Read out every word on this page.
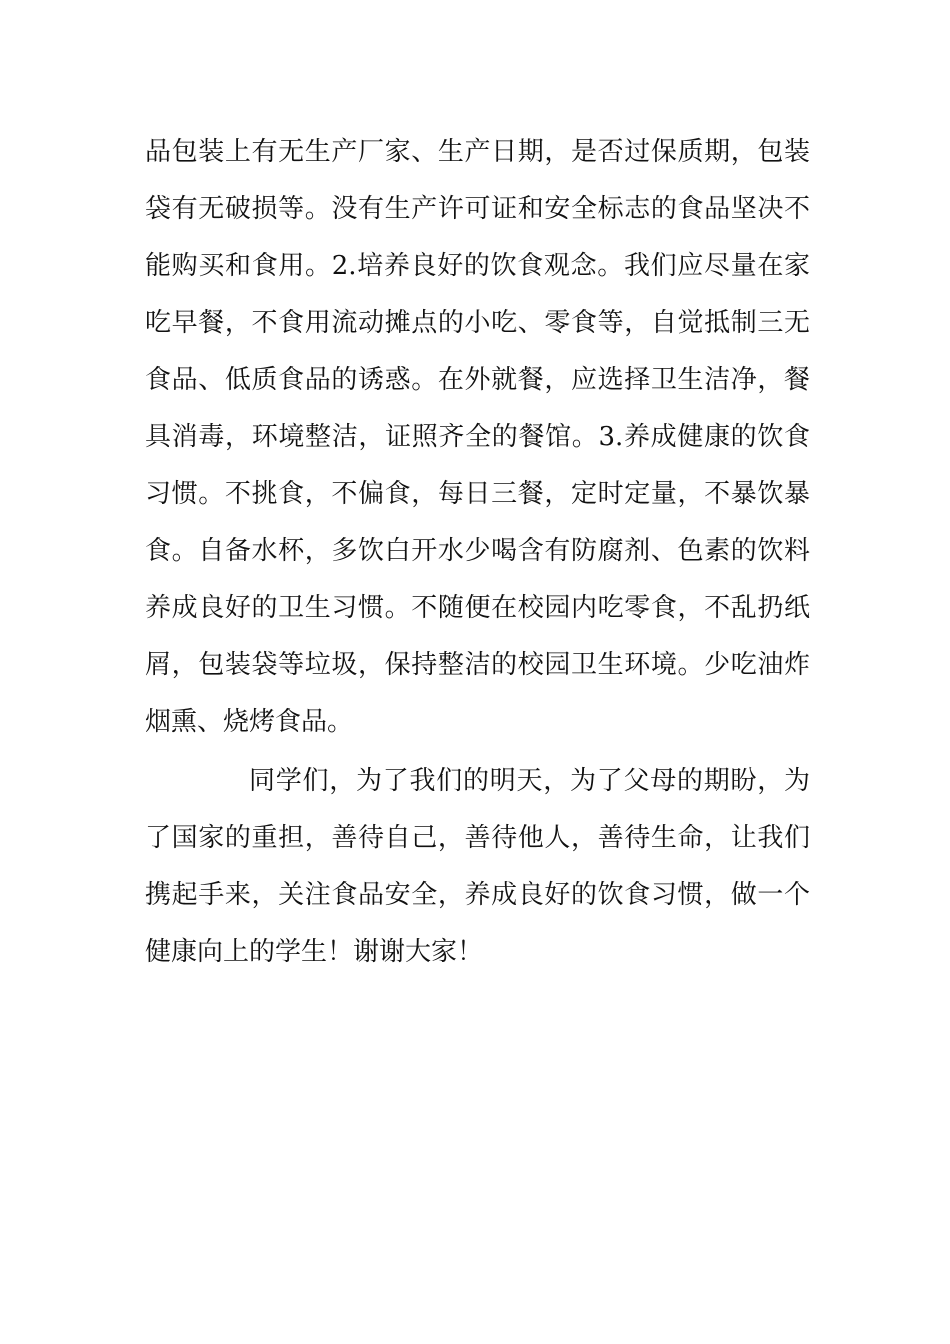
品包装上有无生产厂家、生产日期，是否过保质期，包装
袋有无破损等。没有生产许可证和安全标志的食品坚决不
能购买和食用。2.培养良好的饮食观念。我们应尽量在家
吃早餐，不食用流动摊点的小吃、零食等，自觉抵制三无
食品、低质食品的诱惑。在外就餐，应选择卫生洁净，餐
具消毒，环境整洁，证照齐全的餐馆。3.养成健康的饮食
习惯。不挑食，不偏食，每日三餐，定时定量，不暴饮暴
食。自备水杯，多饮白开水少喝含有防腐剂、色素的饮料
养成良好的卫生习惯。不随便在校园内吃零食，不乱扔纸
屑，包装袋等垃圾，保持整洁的校园卫生环境。少吃油炸
烟熏、烧烤食品。
同学们，为了我们的明天，为了父母的期盼，为
了国家的重担，善待自己，善待他人，善待生命，让我们
携起手来，关注食品安全，养成良好的饮食习惯，做一个
健康向上的学生！谢谢大家！
